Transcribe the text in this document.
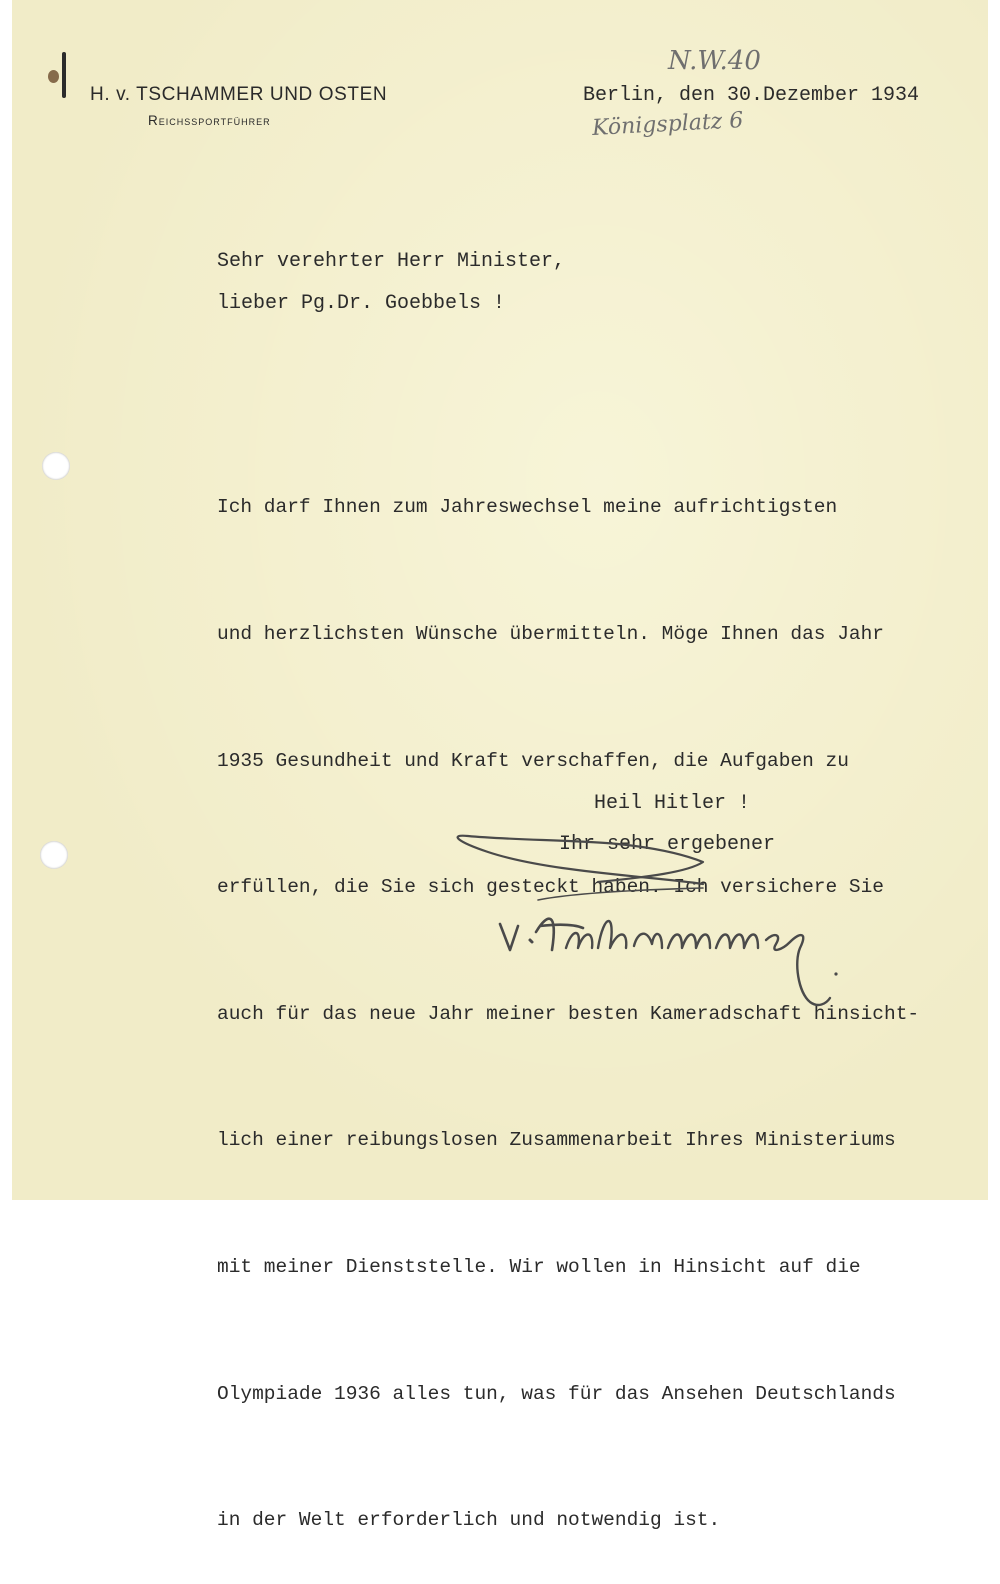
H. v. TSCHAMMER UND OSTEN
Reichssportführer
N.W.40
Berlin, den 30.Dezember 1934
Königsplatz 6
Sehr verehrter Herr Minister,
lieber Pg.Dr. Goebbels !

Ich darf Ihnen zum Jahreswechsel meine aufrichtigsten

und herzlichsten Wünsche übermitteln. Möge Ihnen das Jahr

1935 Gesundheit und Kraft verschaffen, die Aufgaben zu

erfüllen, die Sie sich gesteckt haben. Ich versichere Sie

auch für das neue Jahr meiner besten Kameradschaft hinsicht-

lich einer reibungslosen Zusammenarbeit Ihres Ministeriums

mit meiner Dienststelle. Wir wollen in Hinsicht auf die

Olympiade 1936 alles tun, was für das Ansehen Deutschlands

in der Welt erforderlich und notwendig ist.

Heil Hitler !
Ihr sehr ergebener
